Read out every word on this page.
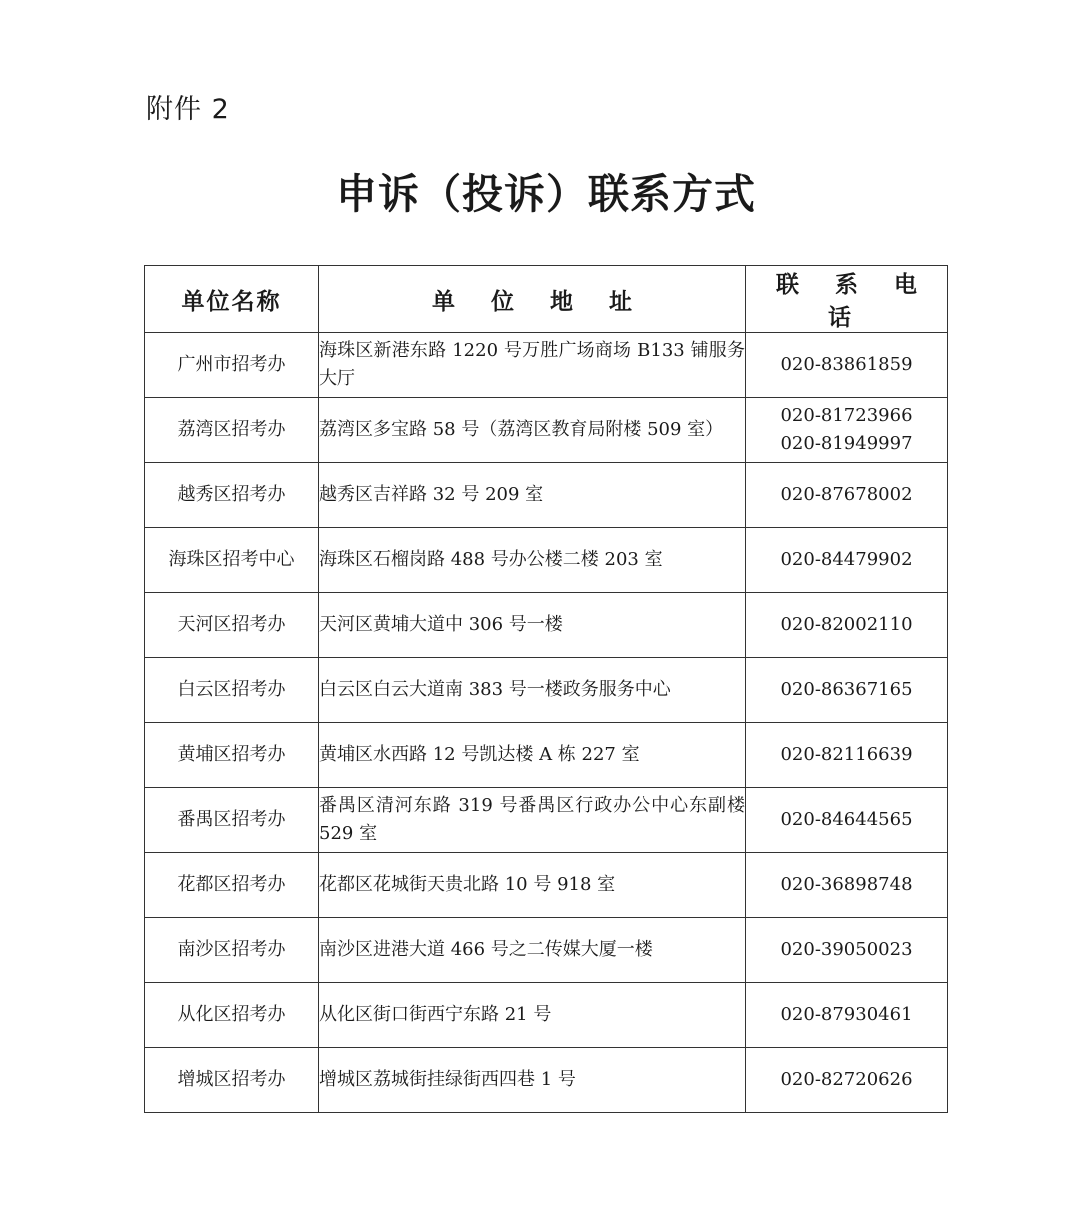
附件 2
申诉（投诉）联系方式
单位名称	单 位 地 址	联 系 电 话
广州市招考办	海珠区新港东路 1220 号万胜广场商场 B133 铺服务大厅	020-83861859

荔湾区招考办	荔湾区多宝路 58 号（荔湾区教育局附楼 509 室）	020-81723966
020-81949997

越秀区招考办	越秀区吉祥路 32 号 209 室	020-87678002

海珠区招考中心	海珠区石榴岗路 488 号办公楼二楼 203 室	020-84479902

天河区招考办	天河区黄埔大道中 306 号一楼	020-82002110

白云区招考办	白云区白云大道南 383 号一楼政务服务中心	020-86367165

黄埔区招考办	黄埔区水西路 12 号凯达楼 A 栋 227 室	020-82116639

番禺区招考办	番禺区清河东路 319 号番禺区行政办公中心东副楼 529 室	020-84644565

花都区招考办	花都区花城街天贵北路 10 号 918 室	020-36898748

南沙区招考办	南沙区进港大道 466 号之二传媒大厦一楼	020-39050023

从化区招考办	从化区街口街西宁东路 21 号	020-87930461

增城区招考办	增城区荔城街挂绿街西四巷 1 号	020-82720626
